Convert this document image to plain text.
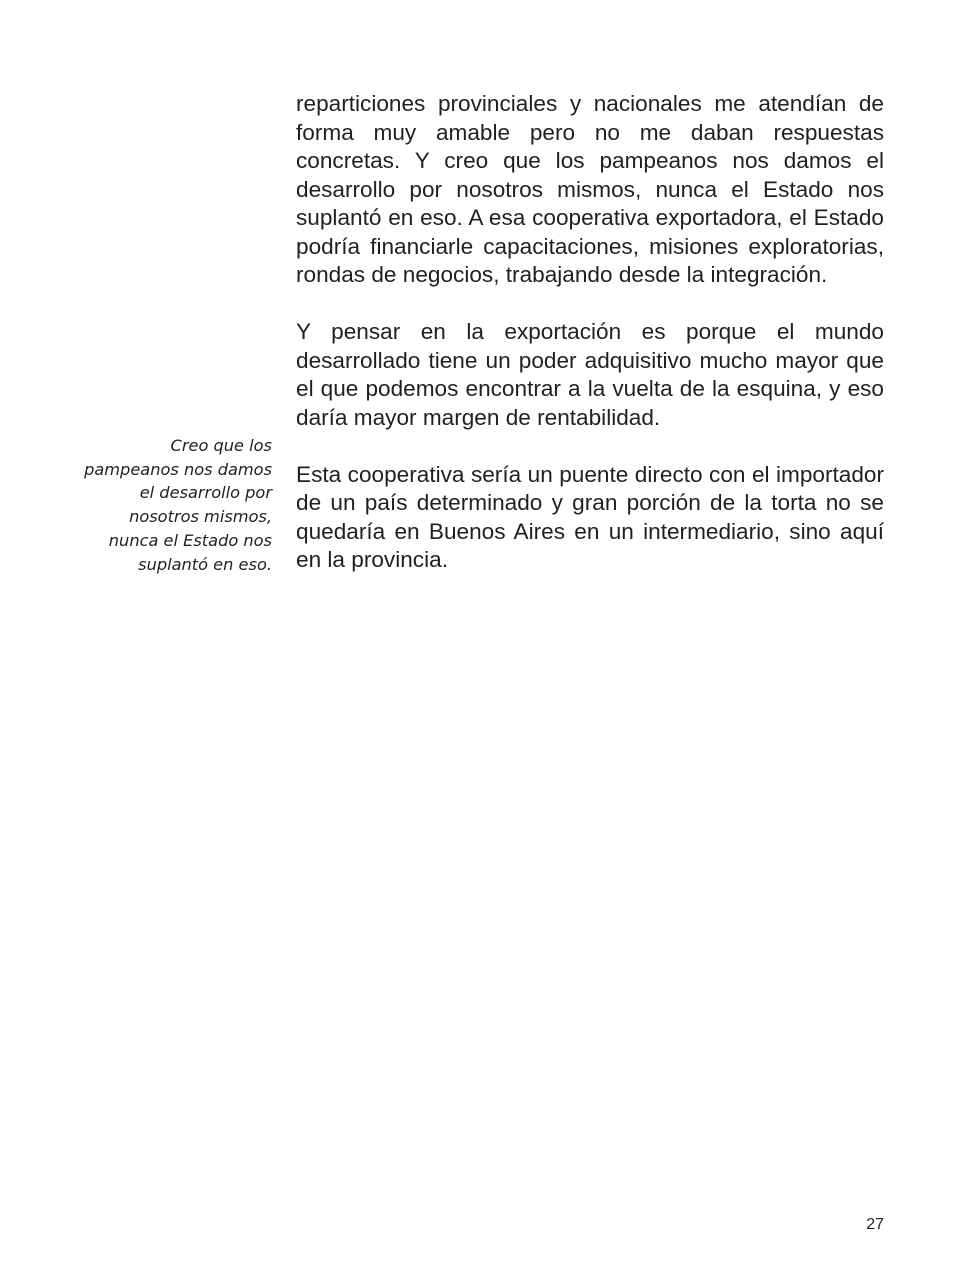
reparticiones provinciales y nacionales me atendían de forma muy amable pero no me daban respuestas concretas. Y creo que los pampeanos nos damos el desarrollo por nosotros mismos, nunca el Estado nos suplantó en eso. A esa cooperativa exportadora, el Estado podría financiarle capacitaciones, misiones exploratorias, rondas de negocios, trabajando desde la integración.

Y pensar en la exportación es porque el mundo desarrollado tiene un poder adquisitivo mucho mayor que el que podemos encontrar a la vuelta de la esquina, y eso daría mayor margen de rentabilidad.

Esta cooperativa sería un puente directo con el importador de un país determinado y gran porción de la torta no se quedaría en Buenos Aires en un intermediario, sino aquí en la provincia.

Creo que los pampeanos nos damos el desarrollo por nosotros mismos, nunca el Estado nos suplantó en eso.
27
